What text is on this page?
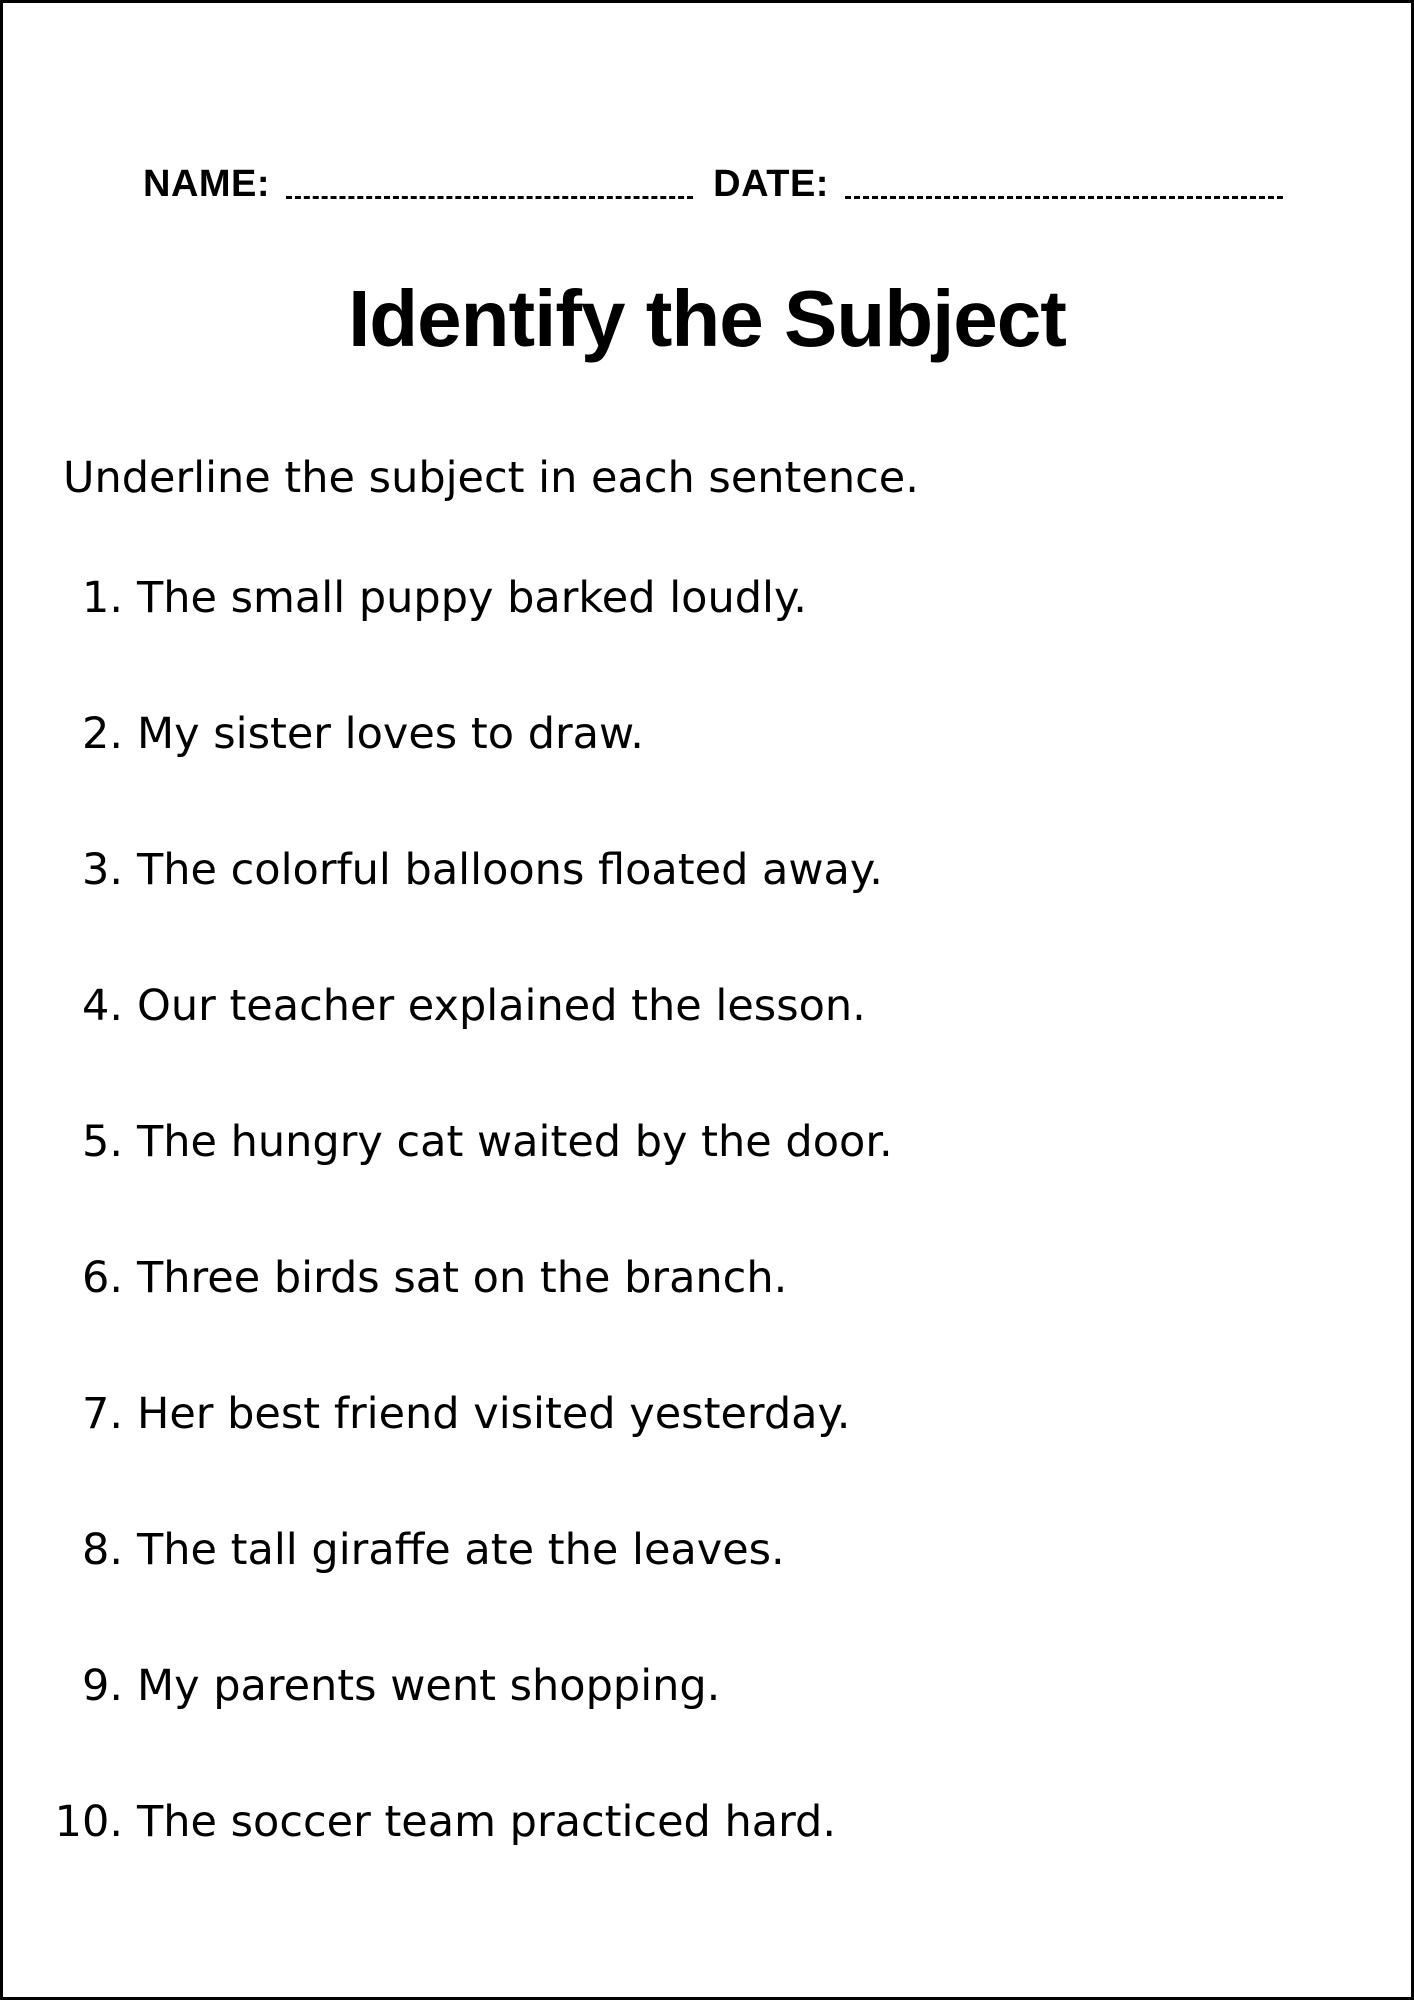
NAME:	DATE:
Identify the Subject
Underline the subject in each sentence.
1. The small puppy barked loudly.
2. My sister loves to draw.
3. The colorful balloons floated away.
4. Our teacher explained the lesson.
5. The hungry cat waited by the door.
6. Three birds sat on the branch.
7. Her best friend visited yesterday.
8. The tall giraffe ate the leaves.
9. My parents went shopping.
10. The soccer team practiced hard.
